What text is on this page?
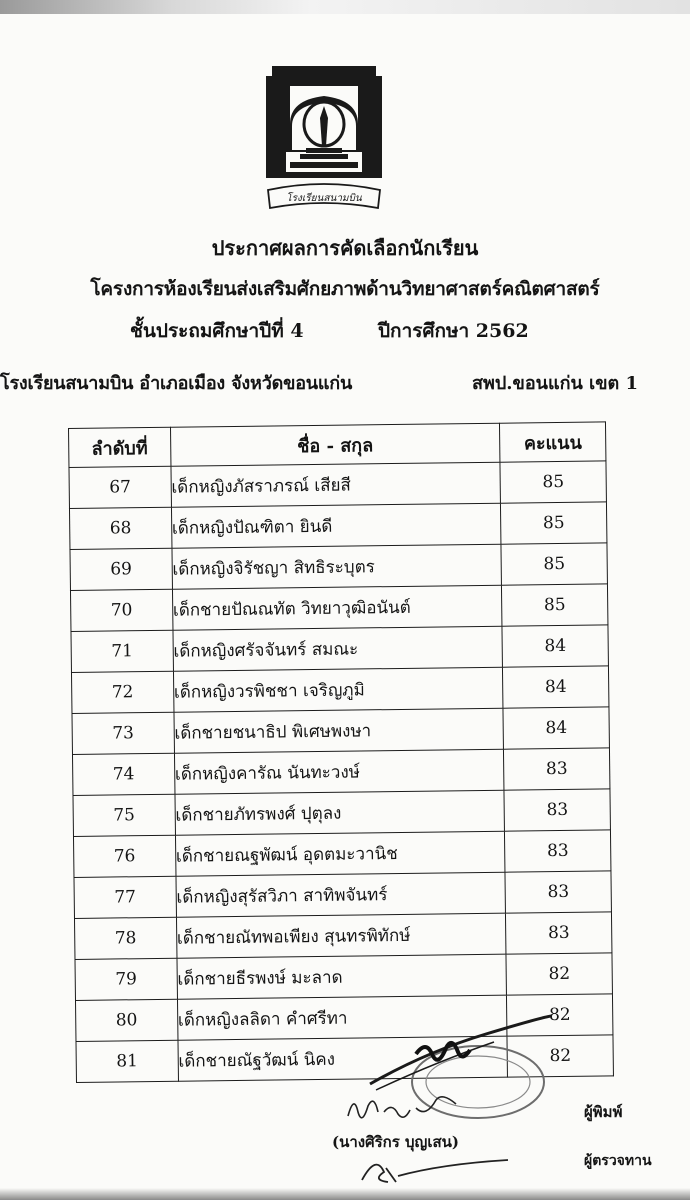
โรงเรียนสนามบิน
ประกาศผลการคัดเลือกนักเรียน
โครงการห้องเรียนส่งเสริมศักยภาพด้านวิทยาศาสตร์คณิตศาสตร์
ชั้นประถมศึกษาปีที่ 4	ปีการศึกษา 2562
โรงเรียนสนามบิน อำเภอเมือง จังหวัดขอนแก่น	สพป.ขอนแก่น เขต 1
ลำดับที่	ชื่อ - สกุล	คะแนน
67	เด็กหญิงภัสราภรณ์ เสียสี	85
68	เด็กหญิงปัณฑิตา ยินดี	85
69	เด็กหญิงจิรัชญา สิทธิระบุตร	85
70	เด็กชายปัณณทัต วิทยาวุฒิอนันต์	85
71	เด็กหญิงศรัจจันทร์ สมณะ	84
72	เด็กหญิงวรพิชชา เจริญภูมิ	84
73	เด็กชายชนาธิป พิเศษพงษา	84
74	เด็กหญิงคารัณ นันทะวงษ์	83
75	เด็กชายภัทรพงศ์ ปุตุลง	83
76	เด็กชายณฐพัฒน์ อุดตมะวานิช	83
77	เด็กหญิงสุรัสวิภา สาทิพจันทร์	83
78	เด็กชายณัทพอเพียง สุนทรพิทักษ์	83
79	เด็กชายธีรพงษ์ มะลาด	82
80	เด็กหญิงลลิดา คำศรีทา	82
81	เด็กชายณัฐวัฒน์ นิคง	82
ผู้พิมพ์
(นางศิริกร บุญเสน)
ผู้ตรวจทาน
